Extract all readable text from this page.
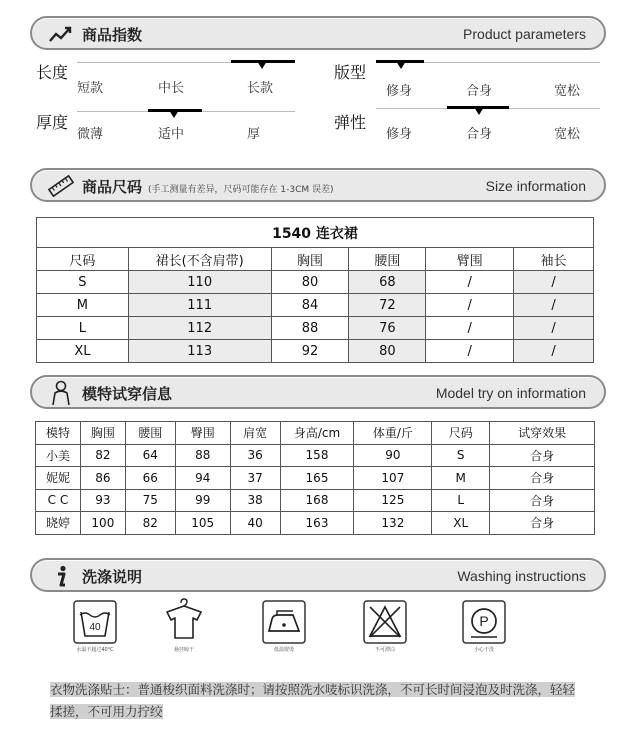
商品指数	Product parameters
长度
短款	中长	长款
版型
修身	合身	宽松
厚度
微薄	适中	厚
弹性
修身	合身	宽松
商品尺码 (手工测量有差异，尺码可能存在 1-3CM 误差)	Size information
1540 连衣裙					
尺码	裙长(不含肩带)	胸围	腰围	臂围	袖长
S	110	80	68	/	/
M	111	84	72	/	/
L	112	88	76	/	/
XL	113	92	80	/	/
模特试穿信息	Model try on information
模特	胸围	腰围	臀围	肩宽	身高/cm	体重/斤	尺码	试穿效果
小美	82	64	88	36	158	90	S	合身
妮妮	86	66	94	37	165	107	M	合身
C C	93	75	99	38	168	125	L	合身
晓婷	100	82	105	40	163	132	XL	合身
洗涤说明	Washing instructions
40
水温不超过40°C	悬挂晾干	低温熨烫	不可漂白
P
小心干洗
衣物洗涤贴士：普通梭织面料洗涤时；请按照洗水唛标识洗涤，不可长时间浸泡及时洗涤，轻轻揉搓，不可用力拧绞
